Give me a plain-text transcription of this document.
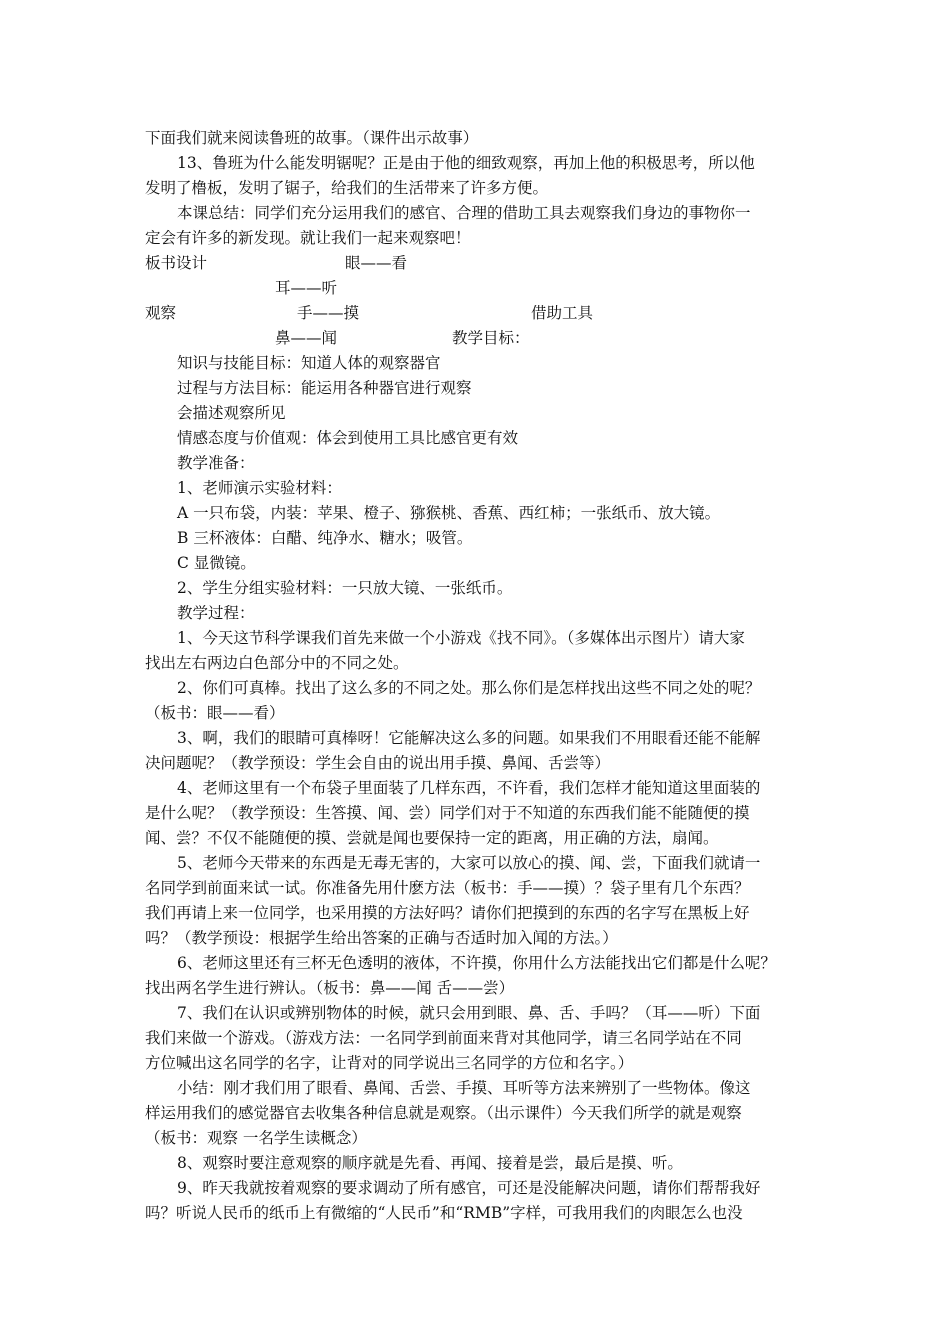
下面我们就来阅读鲁班的故事。（课件出示故事）
13、鲁班为什么能发明锯呢？正是由于他的细致观察，再加上他的积极思考，所以他
发明了橹板，发明了锯子，给我们的生活带来了许多方便。
本课总结：同学们充分运用我们的感官、合理的借助工具去观察我们身边的事物你一
定会有许多的新发现。就让我们一起来观察吧！
板书设计	眼——看
耳——听
观察	手——摸	借助工具
鼻——闻	教学目标：
知识与技能目标：知道人体的观察器官
过程与方法目标：能运用各种器官进行观察
会描述观察所见
情感态度与价值观：体会到使用工具比感官更有效
教学准备：
1、老师演示实验材料：
A 一只布袋，内装：苹果、橙子、猕猴桃、香蕉、西红柿；一张纸币、放大镜。
B 三杯液体：白醋、纯净水、糖水；吸管。
C 显微镜。
2、学生分组实验材料：一只放大镜、一张纸币。
教学过程：
1、今天这节科学课我们首先来做一个小游戏《找不同》。（多媒体出示图片）请大家
找出左右两边白色部分中的不同之处。
2、你们可真棒。找出了这么多的不同之处。那么你们是怎样找出这些不同之处的呢？
（板书：眼——看）
3、啊，我们的眼睛可真棒呀！它能解决这么多的问题。如果我们不用眼看还能不能解
决问题呢？（教学预设：学生会自由的说出用手摸、鼻闻、舌尝等）
4、老师这里有一个布袋子里面装了几样东西，不许看，我们怎样才能知道这里面装的
是什么呢？（教学预设：生答摸、闻、尝）同学们对于不知道的东西我们能不能随便的摸
闻、尝？不仅不能随便的摸、尝就是闻也要保持一定的距离，用正确的方法，扇闻。
5、老师今天带来的东西是无毒无害的，大家可以放心的摸、闻、尝，下面我们就请一
名同学到前面来试一试。你准备先用什麽方法（板书：手——摸）？袋子里有几个东西？
我们再请上来一位同学，也采用摸的方法好吗？请你们把摸到的东西的名字写在黑板上好
吗？（教学预设：根据学生给出答案的正确与否适时加入闻的方法。）
6、老师这里还有三杯无色透明的液体，不许摸，你用什么方法能找出它们都是什么呢？
找出两名学生进行辨认。（板书：鼻——闻 舌——尝）
7、我们在认识或辨别物体的时候，就只会用到眼、鼻、舌、手吗？（耳——听）下面
我们来做一个游戏。（游戏方法：一名同学到前面来背对其他同学，请三名同学站在不同
方位喊出这名同学的名字，让背对的同学说出三名同学的方位和名字。）
小结：刚才我们用了眼看、鼻闻、舌尝、手摸、耳听等方法来辨别了一些物体。像这
样运用我们的感觉器官去收集各种信息就是观察。（出示课件）今天我们所学的就是观察
（板书：观察 一名学生读概念）
8、观察时要注意观察的顺序就是先看、再闻、接着是尝，最后是摸、听。
9、昨天我就按着观察的要求调动了所有感官，可还是没能解决问题，请你们帮帮我好
吗？听说人民币的纸币上有微缩的“人民币”和“RMB”字样，可我用我们的肉眼怎么也没
